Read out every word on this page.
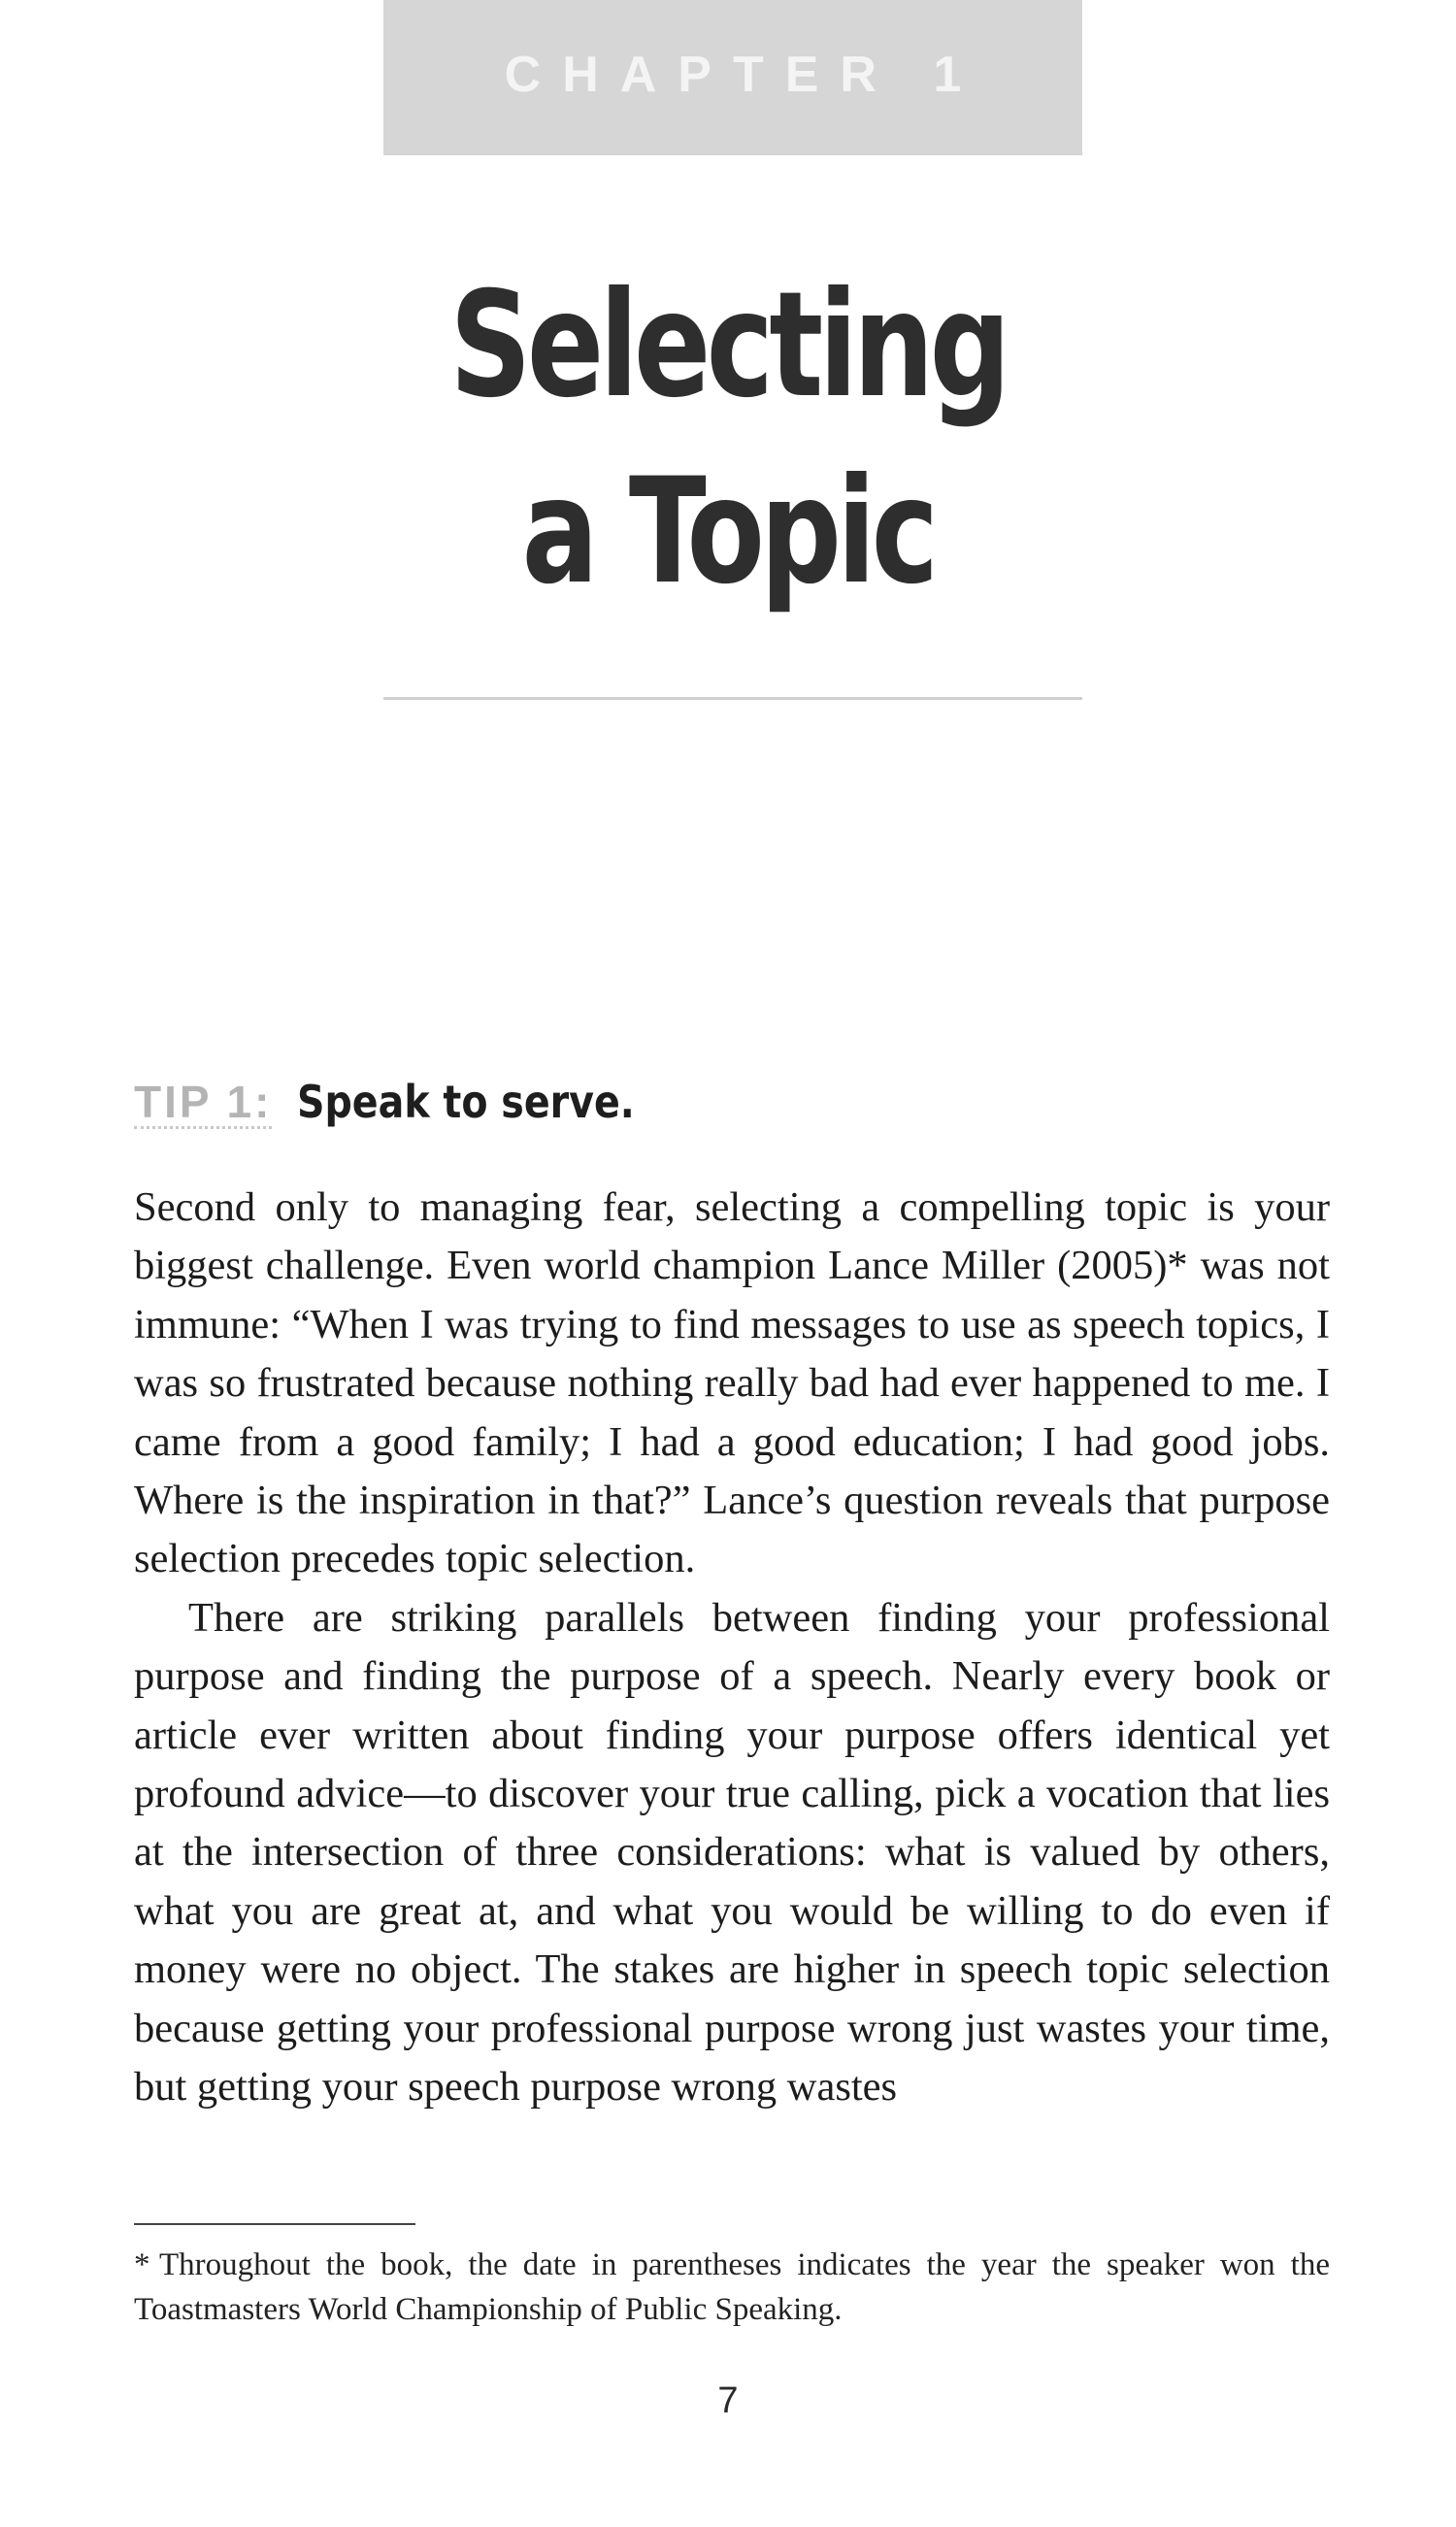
CHAPTER 1
Selecting
a Topic
TIP 1: Speak to serve.

Second only to managing fear, selecting a compelling topic is your biggest challenge. Even world champion Lance Miller (2005)* was not immune: “When I was trying to find messages to use as speech topics, I was so frustrated because nothing really bad had ever happened to me. I came from a good family; I had a good education; I had good jobs. Where is the inspiration in that?” Lance’s question reveals that purpose selection precedes topic selection.

There are striking parallels between finding your professional purpose and finding the purpose of a speech. Nearly every book or article ever written about finding your purpose offers identical yet profound advice—to discover your true calling, pick a vocation that lies at the intersection of three considerations: what is valued by others, what you are great at, and what you would be willing to do even if money were no object. The stakes are higher in speech topic selection because getting your professional purpose wrong just wastes your time, but getting your speech purpose wrong wastes

* Throughout the book, the date in parentheses indicates the year the speaker won the Toastmasters World Championship of Public Speaking.
7
